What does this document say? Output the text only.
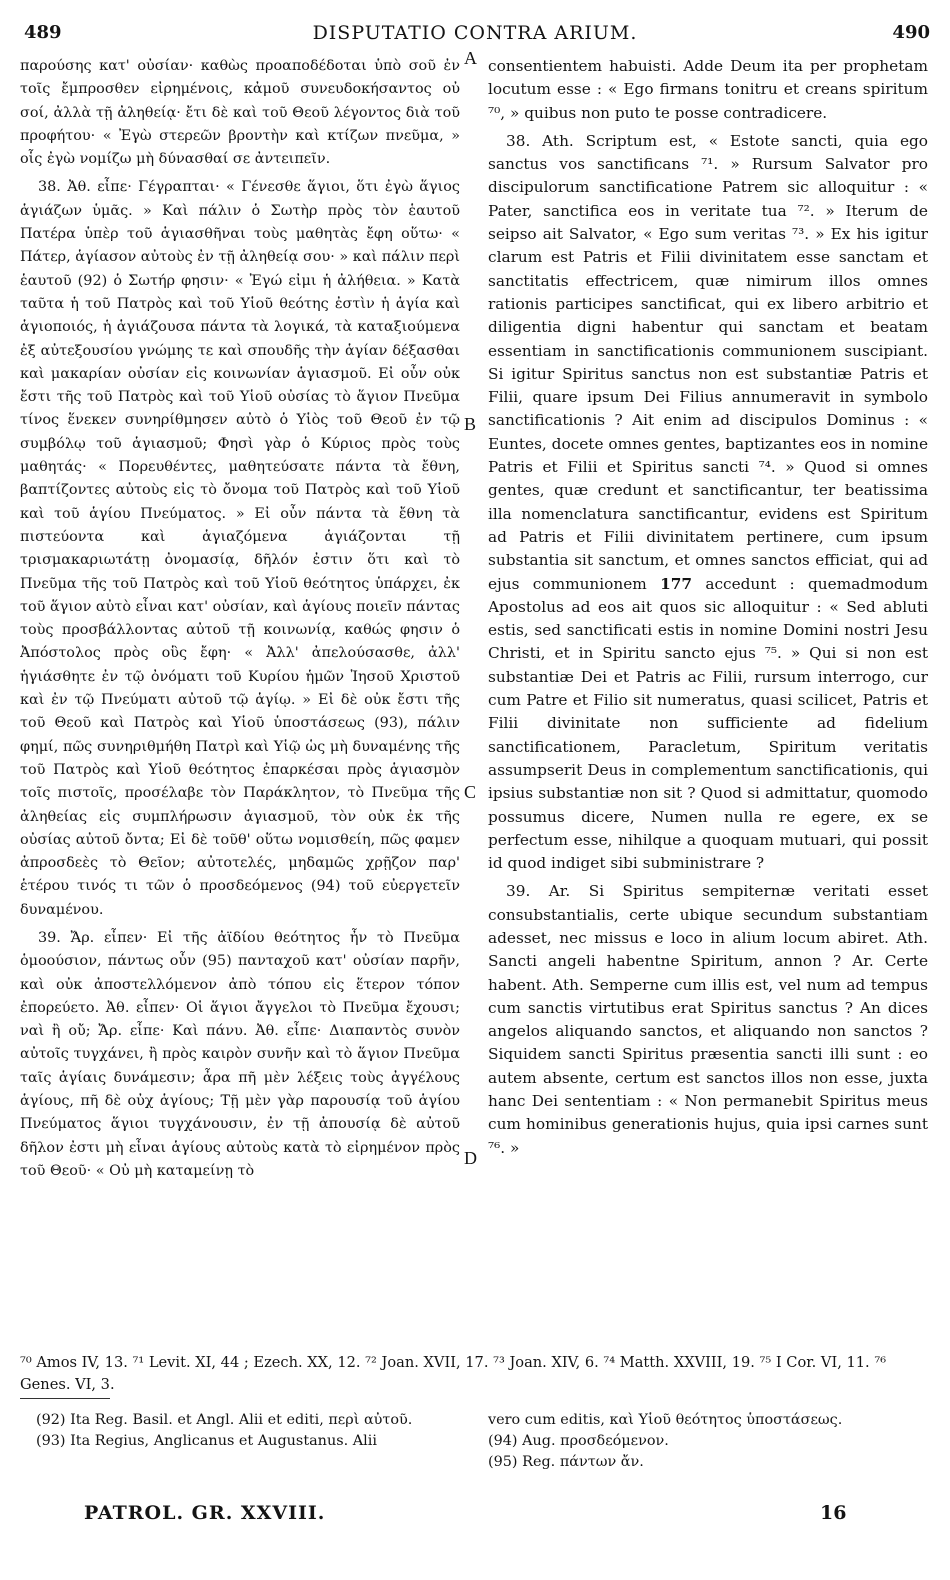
489	DISPUTATIO CONTRA ARIUM.	490

παρούσης κατ' οὐσίαν· καθὼς προαποδέδοται ὑπὸ σοῦ ἐν τοῖς ἔμπροσθεν εἰρημένοις, κἀμοῦ συνευδοκήσαντος οὐ σοί, ἀλλὰ τῇ ἀληθείᾳ· ἔτι δὲ καὶ τοῦ Θεοῦ λέγοντος διὰ τοῦ προφήτου· « Ἐγὼ στερεῶν βροντὴν καὶ κτίζων πνεῦμα, » οἷς ἐγὼ νομίζω μὴ δύνασθαί σε ἀντειπεῖν.

38. Ἀθ. εἶπε· Γέγραπται· « Γένεσθε ἅγιοι, ὅτι ἐγὼ ἅγιος ἁγιάζων ὑμᾶς. » Καὶ πάλιν ὁ Σωτὴρ πρὸς τὸν ἑαυτοῦ Πατέρα ὑπὲρ τοῦ ἁγιασθῆναι τοὺς μαθητὰς ἔφη οὕτω· « Πάτερ, ἁγίασον αὐτοὺς ἐν τῇ ἀληθείᾳ σου· » καὶ πάλιν περὶ ἑαυτοῦ (92) ὁ Σωτήρ φησιν· « Ἐγώ εἰμι ἡ ἀλήθεια. » Κατὰ ταῦτα ἡ τοῦ Πατρὸς καὶ τοῦ Υἱοῦ θεότης ἐστὶν ἡ ἁγία καὶ ἁγιοποιός, ἡ ἁγιάζουσα πάντα τὰ λογικά, τὰ καταξιούμενα ἐξ αὐτεξουσίου γνώμης τε καὶ σπουδῆς τὴν ἁγίαν δέξασθαι καὶ μακαρίαν οὐσίαν εἰς κοινωνίαν ἁγιασμοῦ. Εἰ οὖν οὐκ ἔστι τῆς τοῦ Πατρὸς καὶ τοῦ Υἱοῦ οὐσίας τὸ ἅγιον Πνεῦμα τίνος ἕνεκεν συνηρίθμησεν αὐτὸ ὁ Υἱὸς τοῦ Θεοῦ ἐν τῷ συμβόλῳ τοῦ ἁγιασμοῦ; Φησὶ γὰρ ὁ Κύριος πρὸς τοὺς μαθητάς· « Πορευθέντες, μαθητεύσατε πάντα τὰ ἔθνη, βαπτίζοντες αὐτοὺς εἰς τὸ ὄνομα τοῦ Πατρὸς καὶ τοῦ Υἱοῦ καὶ τοῦ ἁγίου Πνεύματος. » Εἰ οὖν πάντα τὰ ἔθνη τὰ πιστεύοντα καὶ ἁγιαζόμενα ἁγιάζονται τῇ τρισμακαριωτάτῃ ὀνομασίᾳ, δῆλόν ἐστιν ὅτι καὶ τὸ Πνεῦμα τῆς τοῦ Πατρὸς καὶ τοῦ Υἱοῦ θεότητος ὑπάρχει, ἐκ τοῦ ἅγιον αὐτὸ εἶναι κατ' οὐσίαν, καὶ ἁγίους ποιεῖν πάντας τοὺς προσβάλλοντας αὐτοῦ τῇ κοινωνίᾳ, καθώς φησιν ὁ Ἀπόστολος πρὸς οὓς ἔφη· « Ἀλλ' ἀπελούσασθε, ἀλλ' ἡγιάσθητε ἐν τῷ ὀνόματι τοῦ Κυρίου ἡμῶν Ἰησοῦ Χριστοῦ καὶ ἐν τῷ Πνεύματι αὐτοῦ τῷ ἁγίῳ. » Εἰ δὲ οὐκ ἔστι τῆς τοῦ Θεοῦ καὶ Πατρὸς καὶ Υἱοῦ ὑποστάσεως (93), πάλιν φημί, πῶς συνηριθμήθη Πατρὶ καὶ Υἱῷ ὡς μὴ δυναμένης τῆς τοῦ Πατρὸς καὶ Υἱοῦ θεότητος ἐπαρκέσαι πρὸς ἁγιασμὸν τοῖς πιστοῖς, προσέλαβε τὸν Παράκλητον, τὸ Πνεῦμα τῆς ἀληθείας εἰς συμπλήρωσιν ἁγιασμοῦ, τὸν οὐκ ἐκ τῆς οὐσίας αὐτοῦ ὄντα; Εἰ δὲ τοῦθ' οὕτω νομισθείη, πῶς φαμεν ἀπροσδεὲς τὸ Θεῖον; αὐτοτελές, μηδαμῶς χρῇζον παρ' ἑτέρου τινός τι τῶν ὁ προσδεόμενος (94) τοῦ εὐεργετεῖν δυναμένου.

39. Ἄρ. εἶπεν· Εἰ τῆς ἀϊδίου θεότητος ἦν τὸ Πνεῦμα ὁμοούσιον, πάντως οὖν (95) πανταχοῦ κατ' οὐσίαν παρῆν, καὶ οὐκ ἀποστελλόμενον ἀπὸ τόπου εἰς ἕτερον τόπον ἐπορεύετο. Ἀθ. εἶπεν· Οἱ ἅγιοι ἄγγελοι τὸ Πνεῦμα ἔχουσι; ναὶ ἢ οὔ; Ἄρ. εἶπε· Καὶ πάνυ. Ἀθ. εἶπε· Διαπαντὸς συνὸν αὐτοῖς τυγχάνει, ἢ πρὸς καιρὸν συνῆν καὶ τὸ ἅγιον Πνεῦμα ταῖς ἁγίαις δυνάμεσιν; ἆρα πῆ μὲν λέξεις τοὺς ἀγγέλους ἁγίους, πῆ δὲ οὐχ ἁγίους; Τῇ μὲν γὰρ παρουσίᾳ τοῦ ἁγίου Πνεύματος ἅγιοι τυγχάνουσιν, ἐν τῇ ἀπουσίᾳ δὲ αὐτοῦ δῆλον ἐστι μὴ εἶναι ἁγίους αὐτοὺς κατὰ τὸ εἰρημένον πρὸς τοῦ Θεοῦ· « Οὐ μὴ καταμείνῃ τὸ

A
B
C
D

consentientem habuisti. Adde Deum ita per prophetam locutum esse : « Ego firmans tonitru et creans spiritum ⁷⁰, » quibus non puto te posse contradicere.

38. Ath. Scriptum est, « Estote sancti, quia ego sanctus vos sanctificans ⁷¹. » Rursum Salvator pro discipulorum sanctificatione Patrem sic alloquitur : « Pater, sanctifica eos in veritate tua ⁷². » Iterum de seipso ait Salvator, « Ego sum veritas ⁷³. » Ex his igitur clarum est Patris et Filii divinitatem esse sanctam et sanctitatis effectricem, quæ nimirum illos omnes rationis participes sanctificat, qui ex libero arbitrio et diligentia digni habentur qui sanctam et beatam essentiam in sanctificationis communionem suscipiant. Si igitur Spiritus sanctus non est substantiæ Patris et Filii, quare ipsum Dei Filius annumeravit in symbolo sanctificationis ? Ait enim ad discipulos Dominus : « Euntes, docete omnes gentes, baptizantes eos in nomine Patris et Filii et Spiritus sancti ⁷⁴. » Quod si omnes gentes, quæ credunt et sanctificantur, ter beatissima illa nomenclatura sanctificantur, evidens est Spiritum ad Patris et Filii divinitatem pertinere, cum ipsum substantia sit sanctum, et omnes sanctos efficiat, qui ad ejus communionem 177 accedunt : quemadmodum Apostolus ad eos ait quos sic alloquitur : « Sed abluti estis, sed sanctificati estis in nomine Domini nostri Jesu Christi, et in Spiritu sancto ejus ⁷⁵. » Qui si non est substantiæ Dei et Patris ac Filii, rursum interrogo, cur cum Patre et Filio sit numeratus, quasi scilicet, Patris et Filii divinitate non sufficiente ad fidelium sanctificationem, Paracletum, Spiritum veritatis assumpserit Deus in complementum sanctificationis, qui ipsius substantiæ non sit ? Quod si admittatur, quomodo possumus dicere, Numen nulla re egere, ex se perfectum esse, nihilque a quoquam mutuari, qui possit id quod indiget sibi subministrare ?

39. Ar. Si Spiritus sempiternæ veritati esset consubstantialis, certe ubique secundum substantiam adesset, nec missus e loco in alium locum abiret. Ath. Sancti angeli habentne Spiritum, annon ? Ar. Certe habent. Ath. Semperne cum illis est, vel num ad tempus cum sanctis virtutibus erat Spiritus sanctus ? An dices angelos aliquando sanctos, et aliquando non sanctos ? Siquidem sancti Spiritus præsentia sancti illi sunt : eo autem absente, certum est sanctos illos non esse, juxta hanc Dei sententiam : « Non permanebit Spiritus meus cum hominibus generationis hujus, quia ipsi carnes sunt ⁷⁶. »

⁷⁰ Amos IV, 13. ⁷¹ Levit. XI, 44 ; Ezech. XX, 12. ⁷² Joan. XVII, 17. ⁷³ Joan. XIV, 6. ⁷⁴ Matth. XXVIII, 19. ⁷⁵ I Cor. VI, 11. ⁷⁶ Genes. VI, 3.

(92) Ita Reg. Basil. et Angl. Alii et editi, περὶ αὐτοῦ.

(93) Ita Regius, Anglicanus et Augustanus. Alii

vero cum editis, καὶ Υἱοῦ θεότητος ὑποστάσεως.

(94) Aug. προσδεόμενον.

(95) Reg. πάντων ἄν.

PATROL. GR. XXVIII.	16
